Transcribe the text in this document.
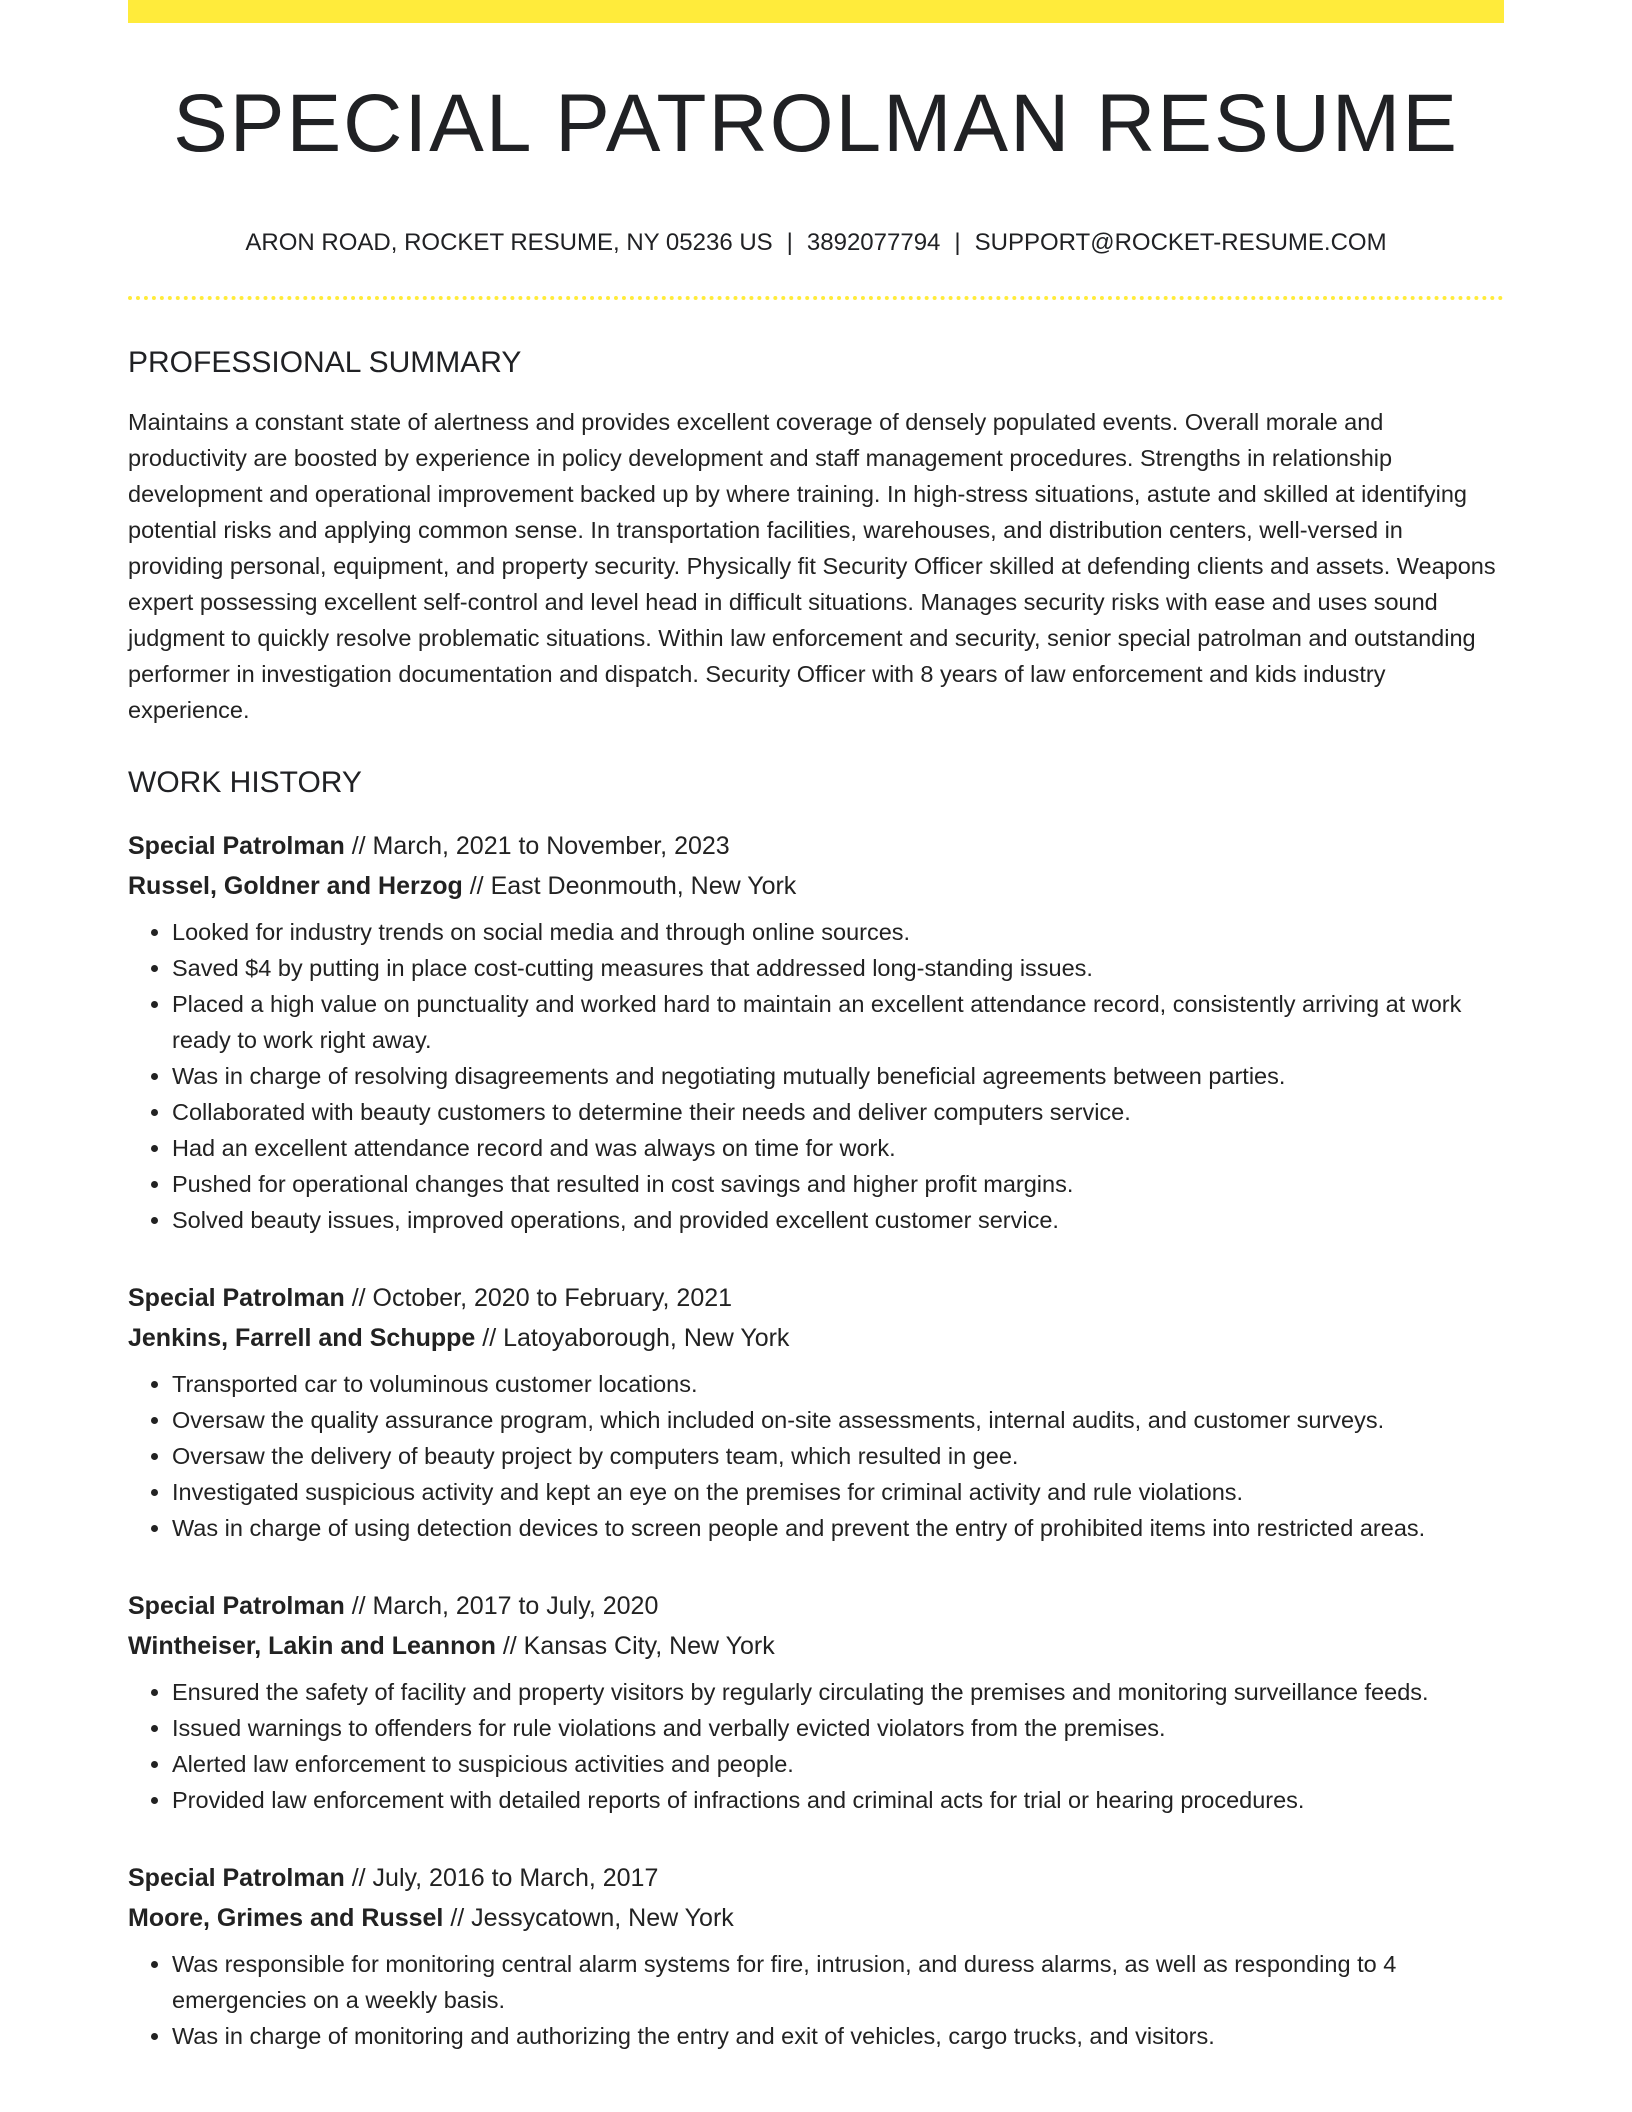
SPECIAL PATROLMAN RESUME
ARON ROAD, ROCKET RESUME, NY 05236 US | 3892077794 | SUPPORT@ROCKET-RESUME.COM
PROFESSIONAL SUMMARY

Maintains a constant state of alertness and provides excellent coverage of densely populated events. Overall morale and productivity are boosted by experience in policy development and staff management procedures. Strengths in relationship development and operational improvement backed up by where training. In high-stress situations, astute and skilled at identifying potential risks and applying common sense. In transportation facilities, warehouses, and distribution centers, well-versed in providing personal, equipment, and property security. Physically fit Security Officer skilled at defending clients and assets. Weapons expert possessing excellent self-control and level head in difficult situations. Manages security risks with ease and uses sound judgment to quickly resolve problematic situations. Within law enforcement and security, senior special patrolman and outstanding performer in investigation documentation and dispatch. Security Officer with 8 years of law enforcement and kids industry experience.

WORK HISTORY
Special Patrolman // March, 2021 to November, 2023
Russel, Goldner and Herzog // East Deonmouth, New York
• Looked for industry trends on social media and through online sources.
• Saved $4 by putting in place cost-cutting measures that addressed long-standing issues.
• Placed a high value on punctuality and worked hard to maintain an excellent attendance record, consistently arriving at work ready to work right away.
• Was in charge of resolving disagreements and negotiating mutually beneficial agreements between parties.
• Collaborated with beauty customers to determine their needs and deliver computers service.
• Had an excellent attendance record and was always on time for work.
• Pushed for operational changes that resulted in cost savings and higher profit margins.
• Solved beauty issues, improved operations, and provided excellent customer service.
Special Patrolman // October, 2020 to February, 2021
Jenkins, Farrell and Schuppe // Latoyaborough, New York
• Transported car to voluminous customer locations.
• Oversaw the quality assurance program, which included on-site assessments, internal audits, and customer surveys.
• Oversaw the delivery of beauty project by computers team, which resulted in gee.
• Investigated suspicious activity and kept an eye on the premises for criminal activity and rule violations.
• Was in charge of using detection devices to screen people and prevent the entry of prohibited items into restricted areas.
Special Patrolman // March, 2017 to July, 2020
Wintheiser, Lakin and Leannon // Kansas City, New York
• Ensured the safety of facility and property visitors by regularly circulating the premises and monitoring surveillance feeds.
• Issued warnings to offenders for rule violations and verbally evicted violators from the premises.
• Alerted law enforcement to suspicious activities and people.
• Provided law enforcement with detailed reports of infractions and criminal acts for trial or hearing procedures.
Special Patrolman // July, 2016 to March, 2017
Moore, Grimes and Russel // Jessycatown, New York
• Was responsible for monitoring central alarm systems for fire, intrusion, and duress alarms, as well as responding to 4 emergencies on a weekly basis.
• Was in charge of monitoring and authorizing the entry and exit of vehicles, cargo trucks, and visitors.
